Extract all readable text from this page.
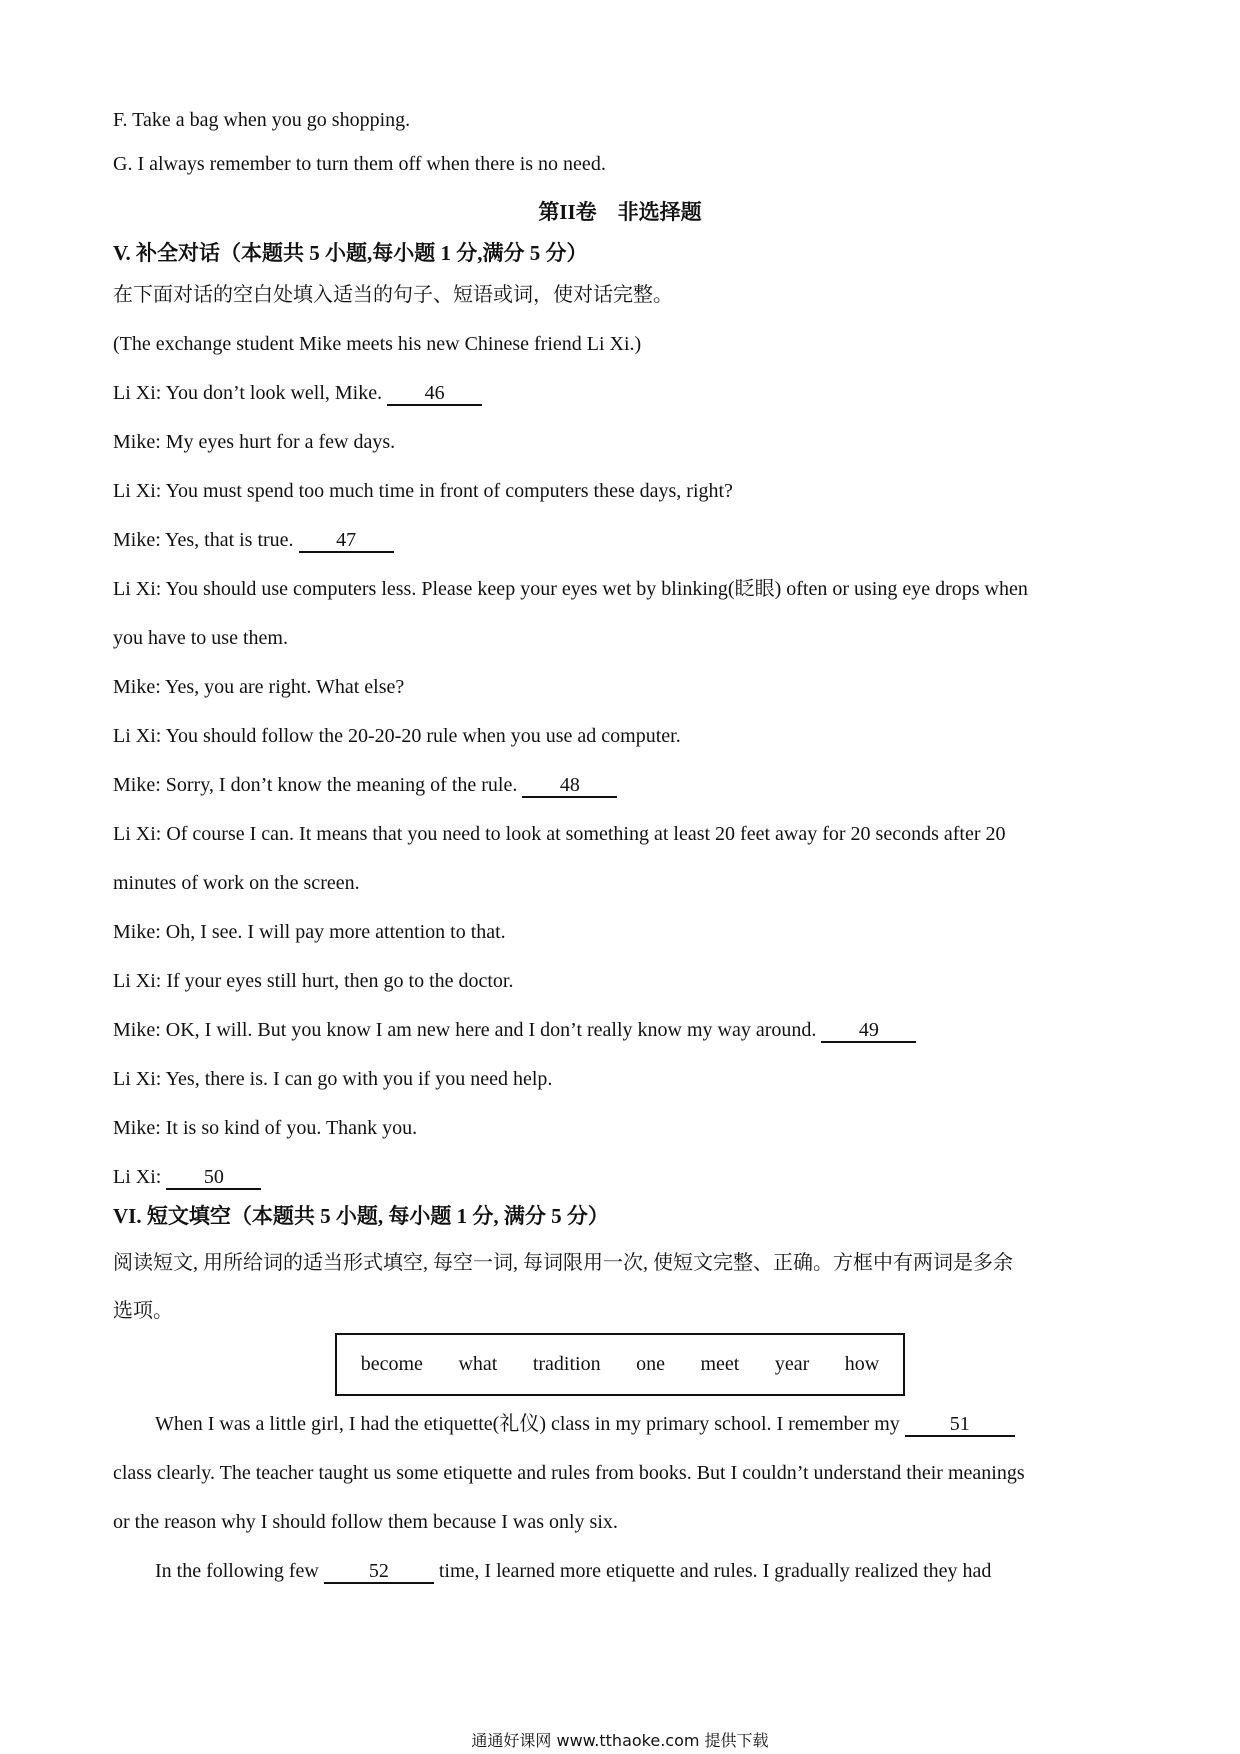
F. Take a bag when you go shopping.
G. I always remember to turn them off when there is no need.
第II卷　非选择题
V. 补全对话（本题共 5 小题,每小题 1 分,满分 5 分）
在下面对话的空白处填入适当的句子、短语或词，使对话完整。
(The exchange student Mike meets his new Chinese friend Li Xi.)
Li Xi: You don’t look well, Mike. 46
Mike: My eyes hurt for a few days.
Li Xi: You must spend too much time in front of computers these days, right?
Mike: Yes, that is true. 47
Li Xi: You should use computers less. Please keep your eyes wet by blinking(眨眼) often or using eye drops when
you have to use them.
Mike: Yes, you are right. What else?
Li Xi: You should follow the 20-20-20 rule when you use ad computer.
Mike: Sorry, I don’t know the meaning of the rule. 48
Li Xi: Of course I can. It means that you need to look at something at least 20 feet away for 20 seconds after 20
minutes of work on the screen.
Mike: Oh, I see. I will pay more attention to that.
Li Xi: If your eyes still hurt, then go to the doctor.
Mike: OK, I will. But you know I am new here and I don’t really know my way around. 49
Li Xi: Yes, there is. I can go with you if you need help.
Mike: It is so kind of you. Thank you.
Li Xi: 50
VI. 短文填空（本题共 5 小题, 每小题 1 分, 满分 5 分）
阅读短文, 用所给词的适当形式填空, 每空一词, 每词限用一次, 使短文完整、正确。方框中有两词是多余
选项。
become what tradition one meet year how
When I was a little girl, I had the etiquette(礼仪) class in my primary school. I remember my 51
class clearly. The teacher taught us some etiquette and rules from books. But I couldn’t understand their meanings
or the reason why I should follow them because I was only six.
In the following few 52 time, I learned more etiquette and rules. I gradually realized they had
通通好课网 www.tthaoke.com 提供下载
